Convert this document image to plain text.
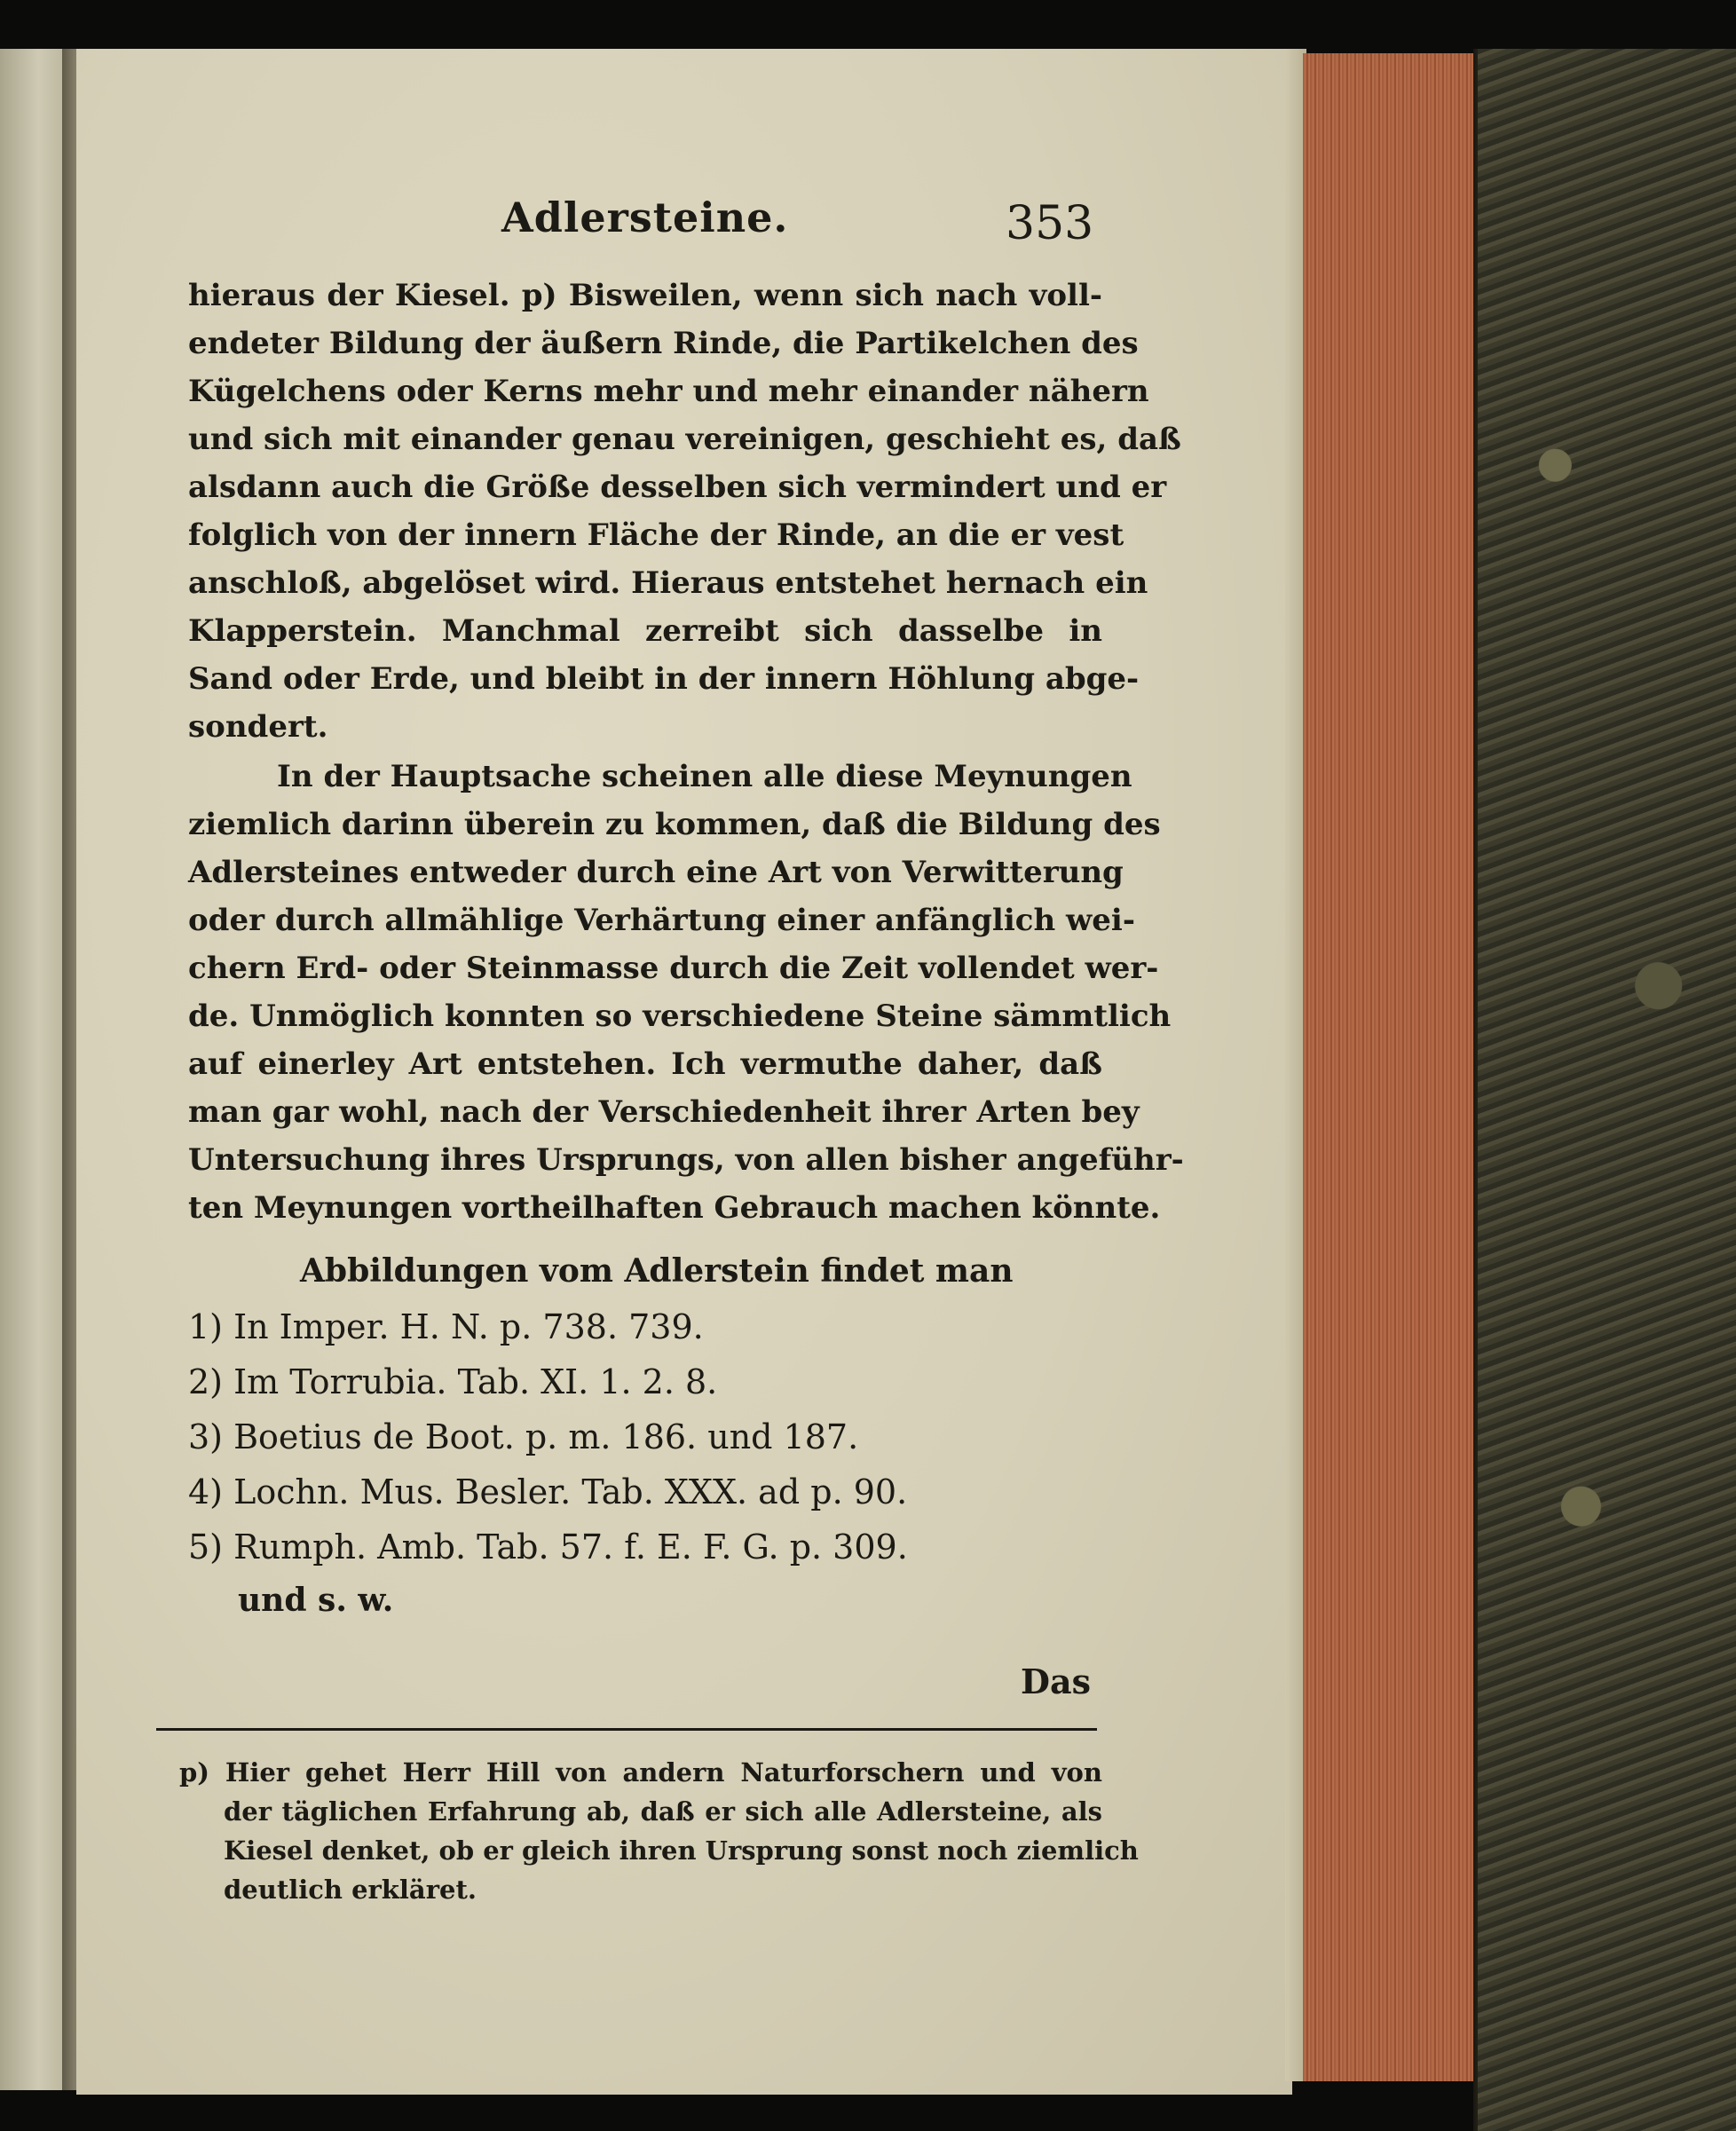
Adlersteine.	353
hieraus der Kiesel. p) Bisweilen, wenn sich nach voll-
endeter Bildung der äußern Rinde, die Partikelchen des
Kügelchens oder Kerns mehr und mehr einander nähern
und sich mit einander genau vereinigen, geschieht es, daß
alsdann auch die Größe desselben sich vermindert und er
folglich von der innern Fläche der Rinde, an die er vest
anschloß, abgelöset wird. Hieraus entstehet hernach ein
Klapperstein. Manchmal zerreibt sich dasselbe in
Sand oder Erde, und bleibt in der innern Höhlung abge-
sondert.
In der Hauptsache scheinen alle diese Meynungen
ziemlich darinn überein zu kommen, daß die Bildung des
Adlersteines entweder durch eine Art von Verwitterung
oder durch allmählige Verhärtung einer anfänglich wei-
chern Erd- oder Steinmasse durch die Zeit vollendet wer-
de. Unmöglich konnten so verschiedene Steine sämmtlich
auf einerley Art entstehen. Ich vermuthe daher, daß
man gar wohl, nach der Verschiedenheit ihrer Arten bey
Untersuchung ihres Ursprungs, von allen bisher angeführ-
ten Meynungen vortheilhaften Gebrauch machen könnte.
Abbildungen vom Adlerstein findet man
1) In Imper. H. N. p. 738. 739.
2) Im Torrubia. Tab. XI. 1. 2. 8.
3) Boetius de Boot. p. m. 186. und 187.
4) Lochn. Mus. Besler. Tab. XXX. ad p. 90.
5) Rumph. Amb. Tab. 57. f. E. F. G. p. 309.
und s. w.
Das
p) Hier gehet Herr Hill von andern Naturforschern und von
der täglichen Erfahrung ab, daß er sich alle Adlersteine, als
Kiesel denket, ob er gleich ihren Ursprung sonst noch ziemlich
deutlich erkläret.
